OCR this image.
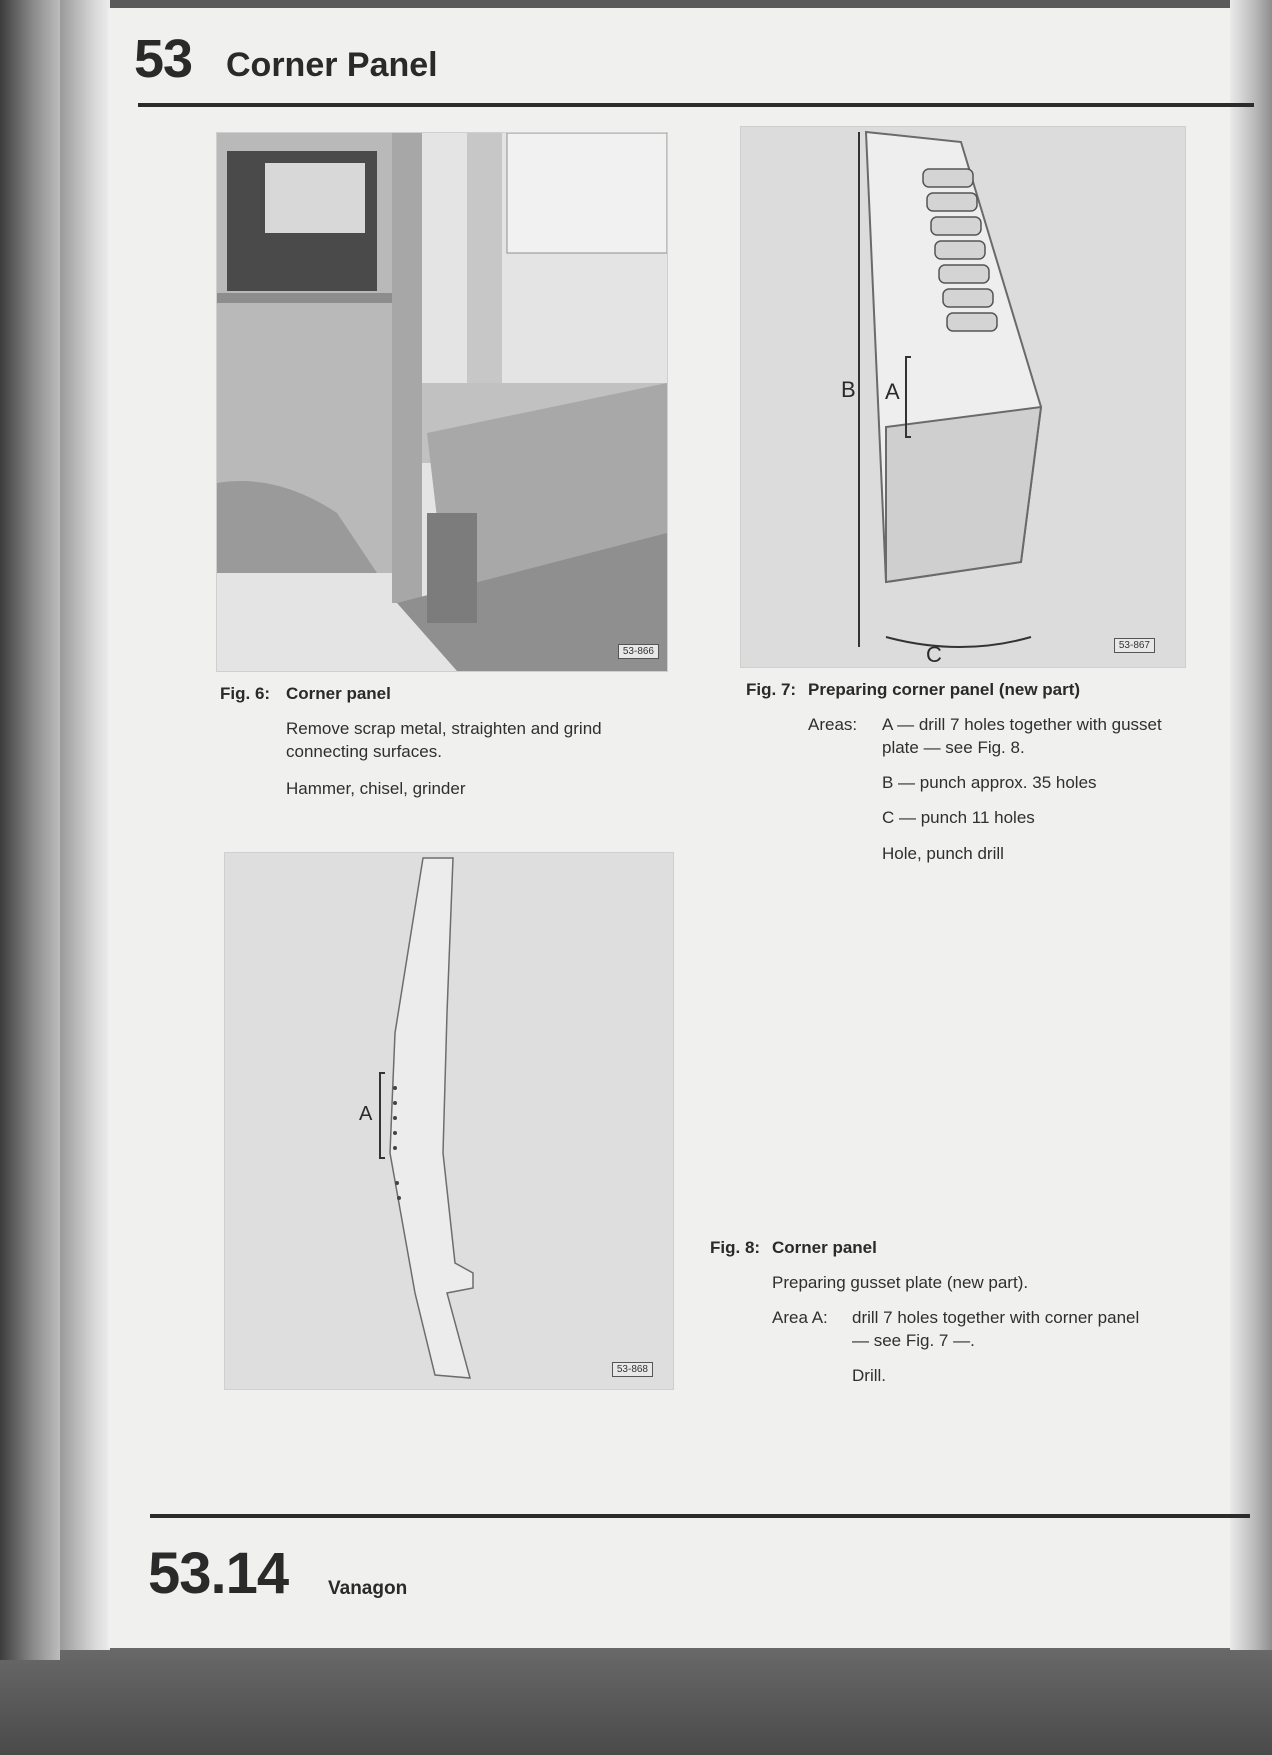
53 Corner Panel
53-866
B A
C	53-867
Fig. 6: Corner panel
Remove scrap metal, straighten and grind connecting surfaces.
Hammer, chisel, grinder
Fig. 7: Preparing corner panel (new part)
Areas: A — drill 7 holes together with gusset plate — see Fig. 8.
B — punch approx. 35 holes
C — punch 11 holes
Hole, punch drill
A
53-868
Fig. 8: Corner panel
Preparing gusset plate (new part).
Area A: drill 7 holes together with corner panel — see Fig. 7 —.
Drill.
53.14 Vanagon
